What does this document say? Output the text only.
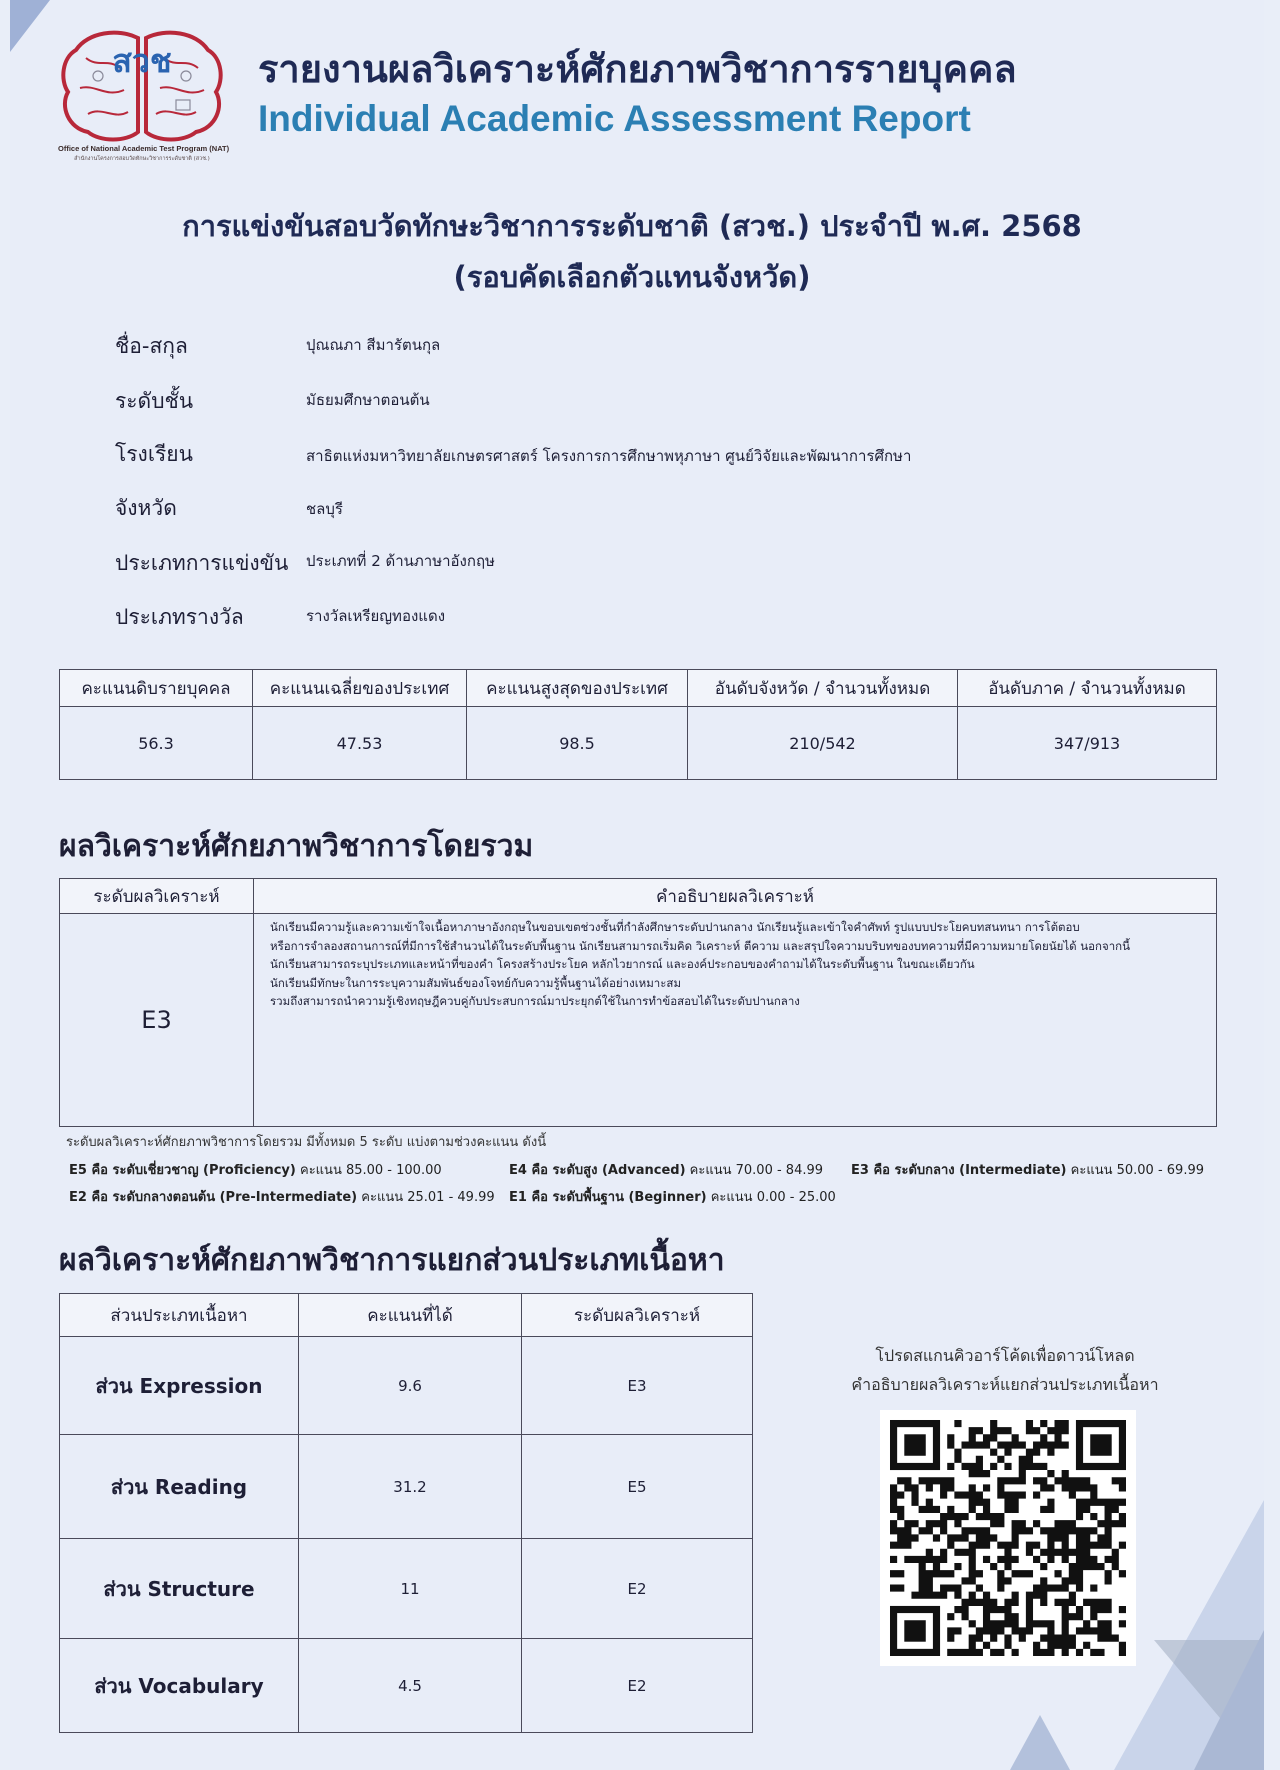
สวช
Office of National Academic Test Program (NAT)
สำนักงานโครงการสอบวัดทักษะวิชาการระดับชาติ (สวช.)
รายงานผลวิเคราะห์ศักยภาพวิชาการรายบุคคล
Individual Academic Assessment Report
การแข่งขันสอบวัดทักษะวิชาการระดับชาติ (สวช.) ประจำปี พ.ศ. 2568
(รอบคัดเลือกตัวแทนจังหวัด)
ชื่อ-สกุล	ปุณณภา สีมารัตนกุล
ระดับชั้น	มัธยมศึกษาตอนต้น
โรงเรียน	สาธิตแห่งมหาวิทยาลัยเกษตรศาสตร์ โครงการการศึกษาพหุภาษา ศูนย์วิจัยและพัฒนาการศึกษา
จังหวัด	ชลบุรี
ประเภทการแข่งขัน ประเภทที่ 2 ด้านภาษาอังกฤษ
ประเภทรางวัล	รางวัลเหรียญทองแดง
คะแนนดิบรายบุคคล	คะแนนเฉลี่ยของประเทศ	คะแนนสูงสุดของประเทศ	อันดับจังหวัด / จำนวนทั้งหมด	อันดับภาค / จำนวนทั้งหมด
56.3	47.53	98.5	210/542	347/913
ผลวิเคราะห์ศักยภาพวิชาการโดยรวม
ระดับผลวิเคราะห์	คำอธิบายผลวิเคราะห์
E3	นักเรียนมีความรู้และความเข้าใจเนื้อหาภาษาอังกฤษในขอบเขตช่วงชั้นที่กำลังศึกษาระดับปานกลาง นักเรียนรู้และเข้าใจคำศัพท์ รูปแบบประโยคบทสนทนา การโต้ตอบ
หรือการจำลองสถานการณ์ที่มีการใช้สำนวนได้ในระดับพื้นฐาน นักเรียนสามารถเริ่มคิด วิเคราะห์ ตีความ และสรุปใจความบริบทของบทความที่มีความหมายโดยนัยได้ นอกจากนี้
นักเรียนสามารถระบุประเภทและหน้าที่ของคำ โครงสร้างประโยค หลักไวยากรณ์ และองค์ประกอบของคำถามได้ในระดับพื้นฐาน ในขณะเดียวกัน
นักเรียนมีทักษะในการระบุความสัมพันธ์ของโจทย์กับความรู้พื้นฐานได้อย่างเหมาะสม
รวมถึงสามารถนำความรู้เชิงทฤษฎีควบคู่กับประสบการณ์มาประยุกต์ใช้ในการทำข้อสอบได้ในระดับปานกลาง
ระดับผลวิเคราะห์ศักยภาพวิชาการโดยรวม มีทั้งหมด 5 ระดับ แบ่งตามช่วงคะแนน ดังนี้
E5 คือ ระดับเชี่ยวชาญ (Proficiency) คะแนน 85.00 - 100.00	E4 คือ ระดับสูง (Advanced) คะแนน 70.00 - 84.99 E3 คือ ระดับกลาง (Intermediate) คะแนน 50.00 - 69.99
E2 คือ ระดับกลางตอนต้น (Pre-Intermediate) คะแนน 25.01 - 49.99 E1 คือ ระดับพื้นฐาน (Beginner) คะแนน 0.00 - 25.00
ผลวิเคราะห์ศักยภาพวิชาการแยกส่วนประเภทเนื้อหา
ส่วนประเภทเนื้อหา	คะแนนที่ได้	ระดับผลวิเคราะห์
ส่วน Expression	9.6	E3
ส่วน Reading	31.2	E5
ส่วน Structure	11	E2
ส่วน Vocabulary	4.5	E2
โปรดสแกนคิวอาร์โค้ดเพื่อดาวน์โหลด
คำอธิบายผลวิเคราะห์แยกส่วนประเภทเนื้อหา
